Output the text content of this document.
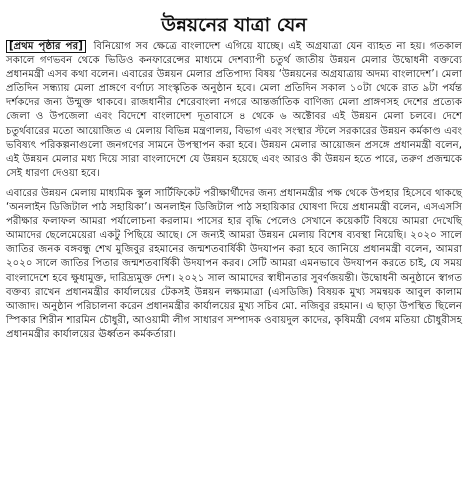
উন্নয়নের যাত্রা যেন

[প্রথম পৃষ্ঠার পর] বিনিয়োগ সব ক্ষেত্রে বাংলাদেশ এগিয়ে যাচ্ছে। এই অগ্রযাত্রা যেন ব্যাহত না হয়। গতকাল সকালে গণভবন থেকে ভিডিও কনফারেন্সের মাধ্যমে দেশব্যাপী চতুর্থ জাতীয় উন্নয়ন মেলার উদ্বোধনী বক্তব্যে প্রধানমন্ত্রী এসব কথা বলেন। এবারের উন্নয়ন মেলার প্রতিপাদ্য বিষয় ‘উন্নয়নের অগ্রযাত্রায় অদম্য বাংলাদেশ’। মেলা প্রতিদিন সন্ধ্যায় মেলা প্রাঙ্গণে বর্ণাঢ্য সাংস্কৃতিক অনুষ্ঠান হবে। মেলা প্রতিদিন সকাল ১০টা থেকে রাত ৯টা পর্যন্ত দর্শকদের জন্য উন্মুক্ত থাকবে। রাজধানীর শেরেবাংলা নগরে আন্তর্জাতিক বাণিজ্য মেলা প্রাঙ্গণসহ দেশের প্রত্যেক জেলা ও উপজেলা এবং বিদেশে বাংলাদেশ দূতাবাসে ৪ থেকে ৬ অক্টোবর এই উন্নয়ন মেলা চলবে। দেশে চতুর্থবারের মতো আয়োজিত এ মেলায় বিভিন্ন মন্ত্রণালয়, বিভাগ এবং সংস্থার স্টলে সরকারের উন্নয়ন কর্মকাণ্ড এবং ভবিষ্যৎ পরিকল্পনাগুলো জনগণের সামনে উপস্থাপন করা হবে। উন্নয়ন মেলার আয়োজন প্রসঙ্গে প্রধানমন্ত্রী বলেন, এই উন্নয়ন মেলার মধ্য দিয়ে সারা বাংলাদেশে যে উন্নয়ন হয়েছে এবং আরও কী উন্নয়ন হতে পারে, তরুণ প্রজন্মকে সেই ধারণা দেওয়া হবে।

এবারের উন্নয়ন মেলায় মাধ্যমিক স্কুল সার্টিফিকেট পরীক্ষার্থীদের জন্য প্রধানমন্ত্রীর পক্ষ থেকে উপহার হিসেবে থাকছে ‘অনলাইন ডিজিটাল পাঠ সহায়িকা’। অনলাইন ডিজিটাল পাঠ সহায়িকার ঘোষণা দিয়ে প্রধানমন্ত্রী বলেন, এসএসসি পরীক্ষার ফলাফল আমরা পর্যালোচনা করলাম। পাসের হার বৃদ্ধি পেলেও সেখানে কয়েকটি বিষয়ে আমরা দেখেছি আমাদের ছেলেমেয়েরা একটু পিছিয়ে আছে। সে জন্যই আমরা উন্নয়ন মেলায় বিশেষ ব্যবস্থা নিয়েছি। ২০২০ সালে জাতির জনক বঙ্গবন্ধু শেখ মুজিবুর রহমানের জন্মশতবার্ষিকী উদযাপন করা হবে জানিয়ে প্রধানমন্ত্রী বলেন, আমরা ২০২০ সালে জাতির পিতার জন্মশতবার্ষিকী উদযাপন করব। সেটি আমরা এমনভাবে উদযাপন করতে চাই, যে সময় বাংলাদেশে হবে ক্ষুধামুক্ত, দারিদ্র্যমুক্ত দেশ। ২০২১ সাল আমাদের স্বাধীনতার সুবর্ণজয়ন্তী। উদ্বোধনী অনুষ্ঠানে স্বাগত বক্তব্য রাখেন প্রধানমন্ত্রীর কার্যালয়ের টেকসই উন্নয়ন লক্ষ্যমাত্রা (এসডিজি) বিষয়ক মুখ্য সমন্বয়ক আবুল কালাম আজাদ। অনুষ্ঠান পরিচালনা করেন প্রধানমন্ত্রীর কার্যালয়ের মুখ্য সচিব মো. নজিবুর রহমান। এ ছাড়া উপস্থিত ছিলেন স্পিকার শিরীন শারমিন চৌধুরী, আওয়ামী লীগ সাধারণ সম্পাদক ওবায়দুল কাদের, কৃষিমন্ত্রী বেগম মতিয়া চৌধুরীসহ প্রধানমন্ত্রীর কার্যালয়ের ঊর্ধ্বতন কর্মকর্তারা।
